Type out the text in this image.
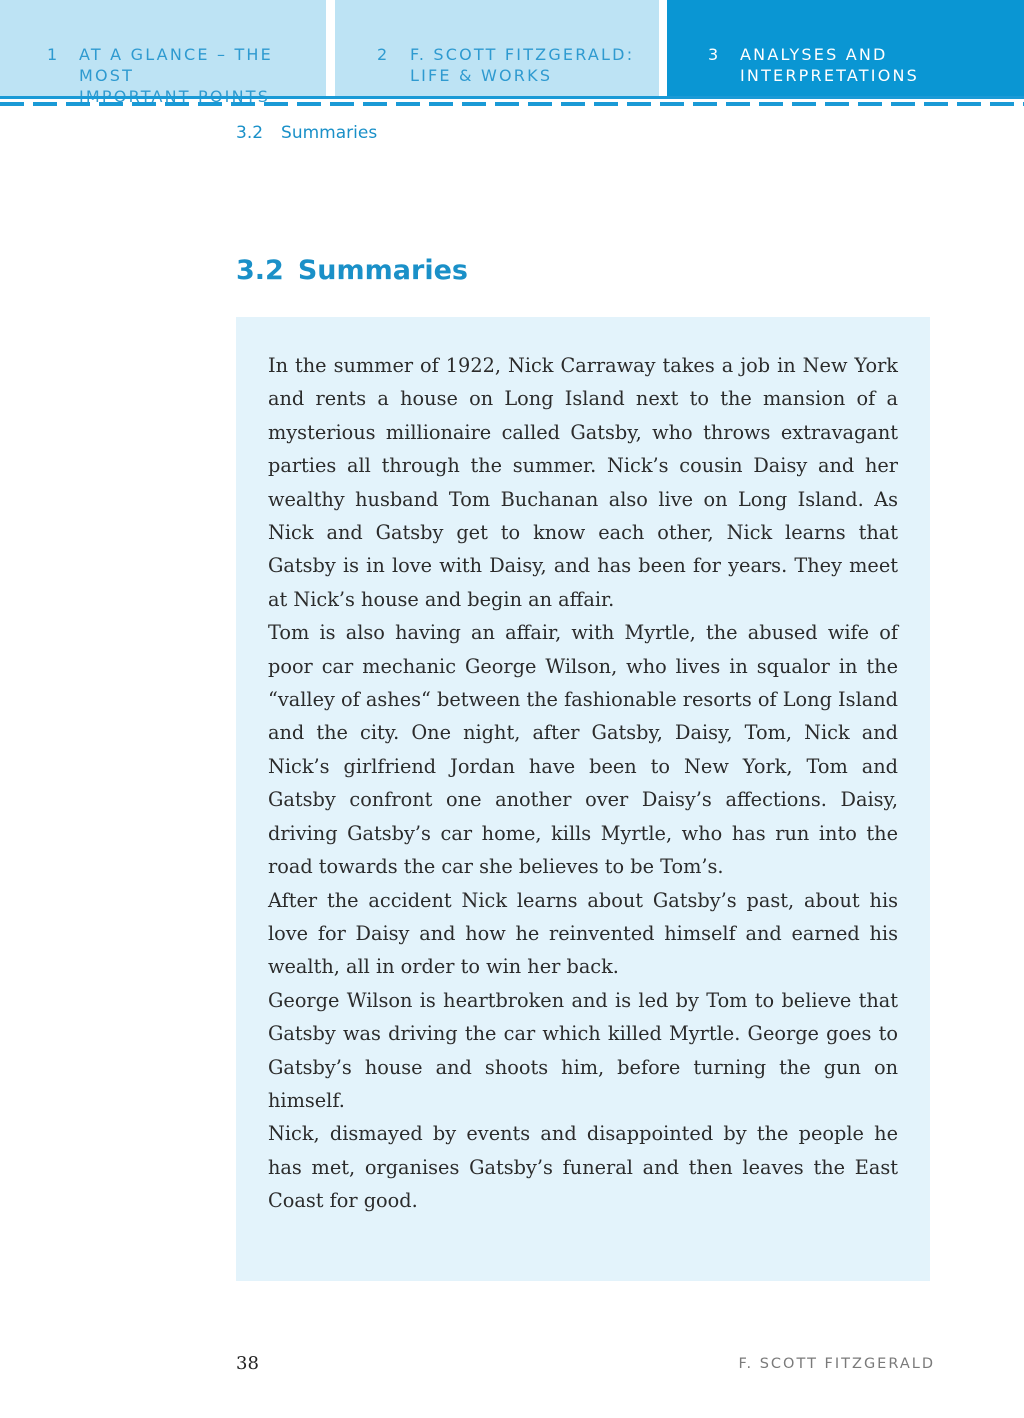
1 AT A GLANCE – THE MOST

2 F. SCOTT FITZGERALD:
LIFE & WORKS
3 ANALYSES AND
INTERPRETATIONS
3.2 Summaries
3.2 Summaries

In the summer of 1922, Nick Carraway takes a job in New York and rents a house on Long Island next to the mansion of a mysterious millionaire called Gatsby, who throws extravagant parties all through the summer. Nick’s cousin Daisy and her wealthy husband Tom Buchanan also live on Long Island. As Nick and Gatsby get to know each other, Nick learns that Gatsby is in love with Daisy, and has been for years. They meet at Nick’s house and begin an affair.

Tom is also having an affair, with Myrtle, the abused wife of poor car mechanic George Wilson, who lives in squalor in the “valley of ashes“ between the fashionable resorts of Long Island and the city. One night, after Gatsby, Daisy, Tom, Nick and Nick’s girlfriend Jordan have been to New York, Tom and Gatsby confront one another over Daisy’s affections. Daisy, driving Gatsby’s car home, kills Myrtle, who has run into the road towards the car she believes to be Tom’s.

After the accident Nick learns about Gatsby’s past, about his love for Daisy and how he reinvented himself and earned his wealth, all in order to win her back.

George Wilson is heartbroken and is led by Tom to believe that Gatsby was driving the car which killed Myrtle. George goes to Gatsby’s house and shoots him, before turning the gun on himself.

Nick, dismayed by events and disappointed by the people he has met, organises Gatsby’s funeral and then leaves the East Coast for good.

38	F. SCOTT FITZGERALD
